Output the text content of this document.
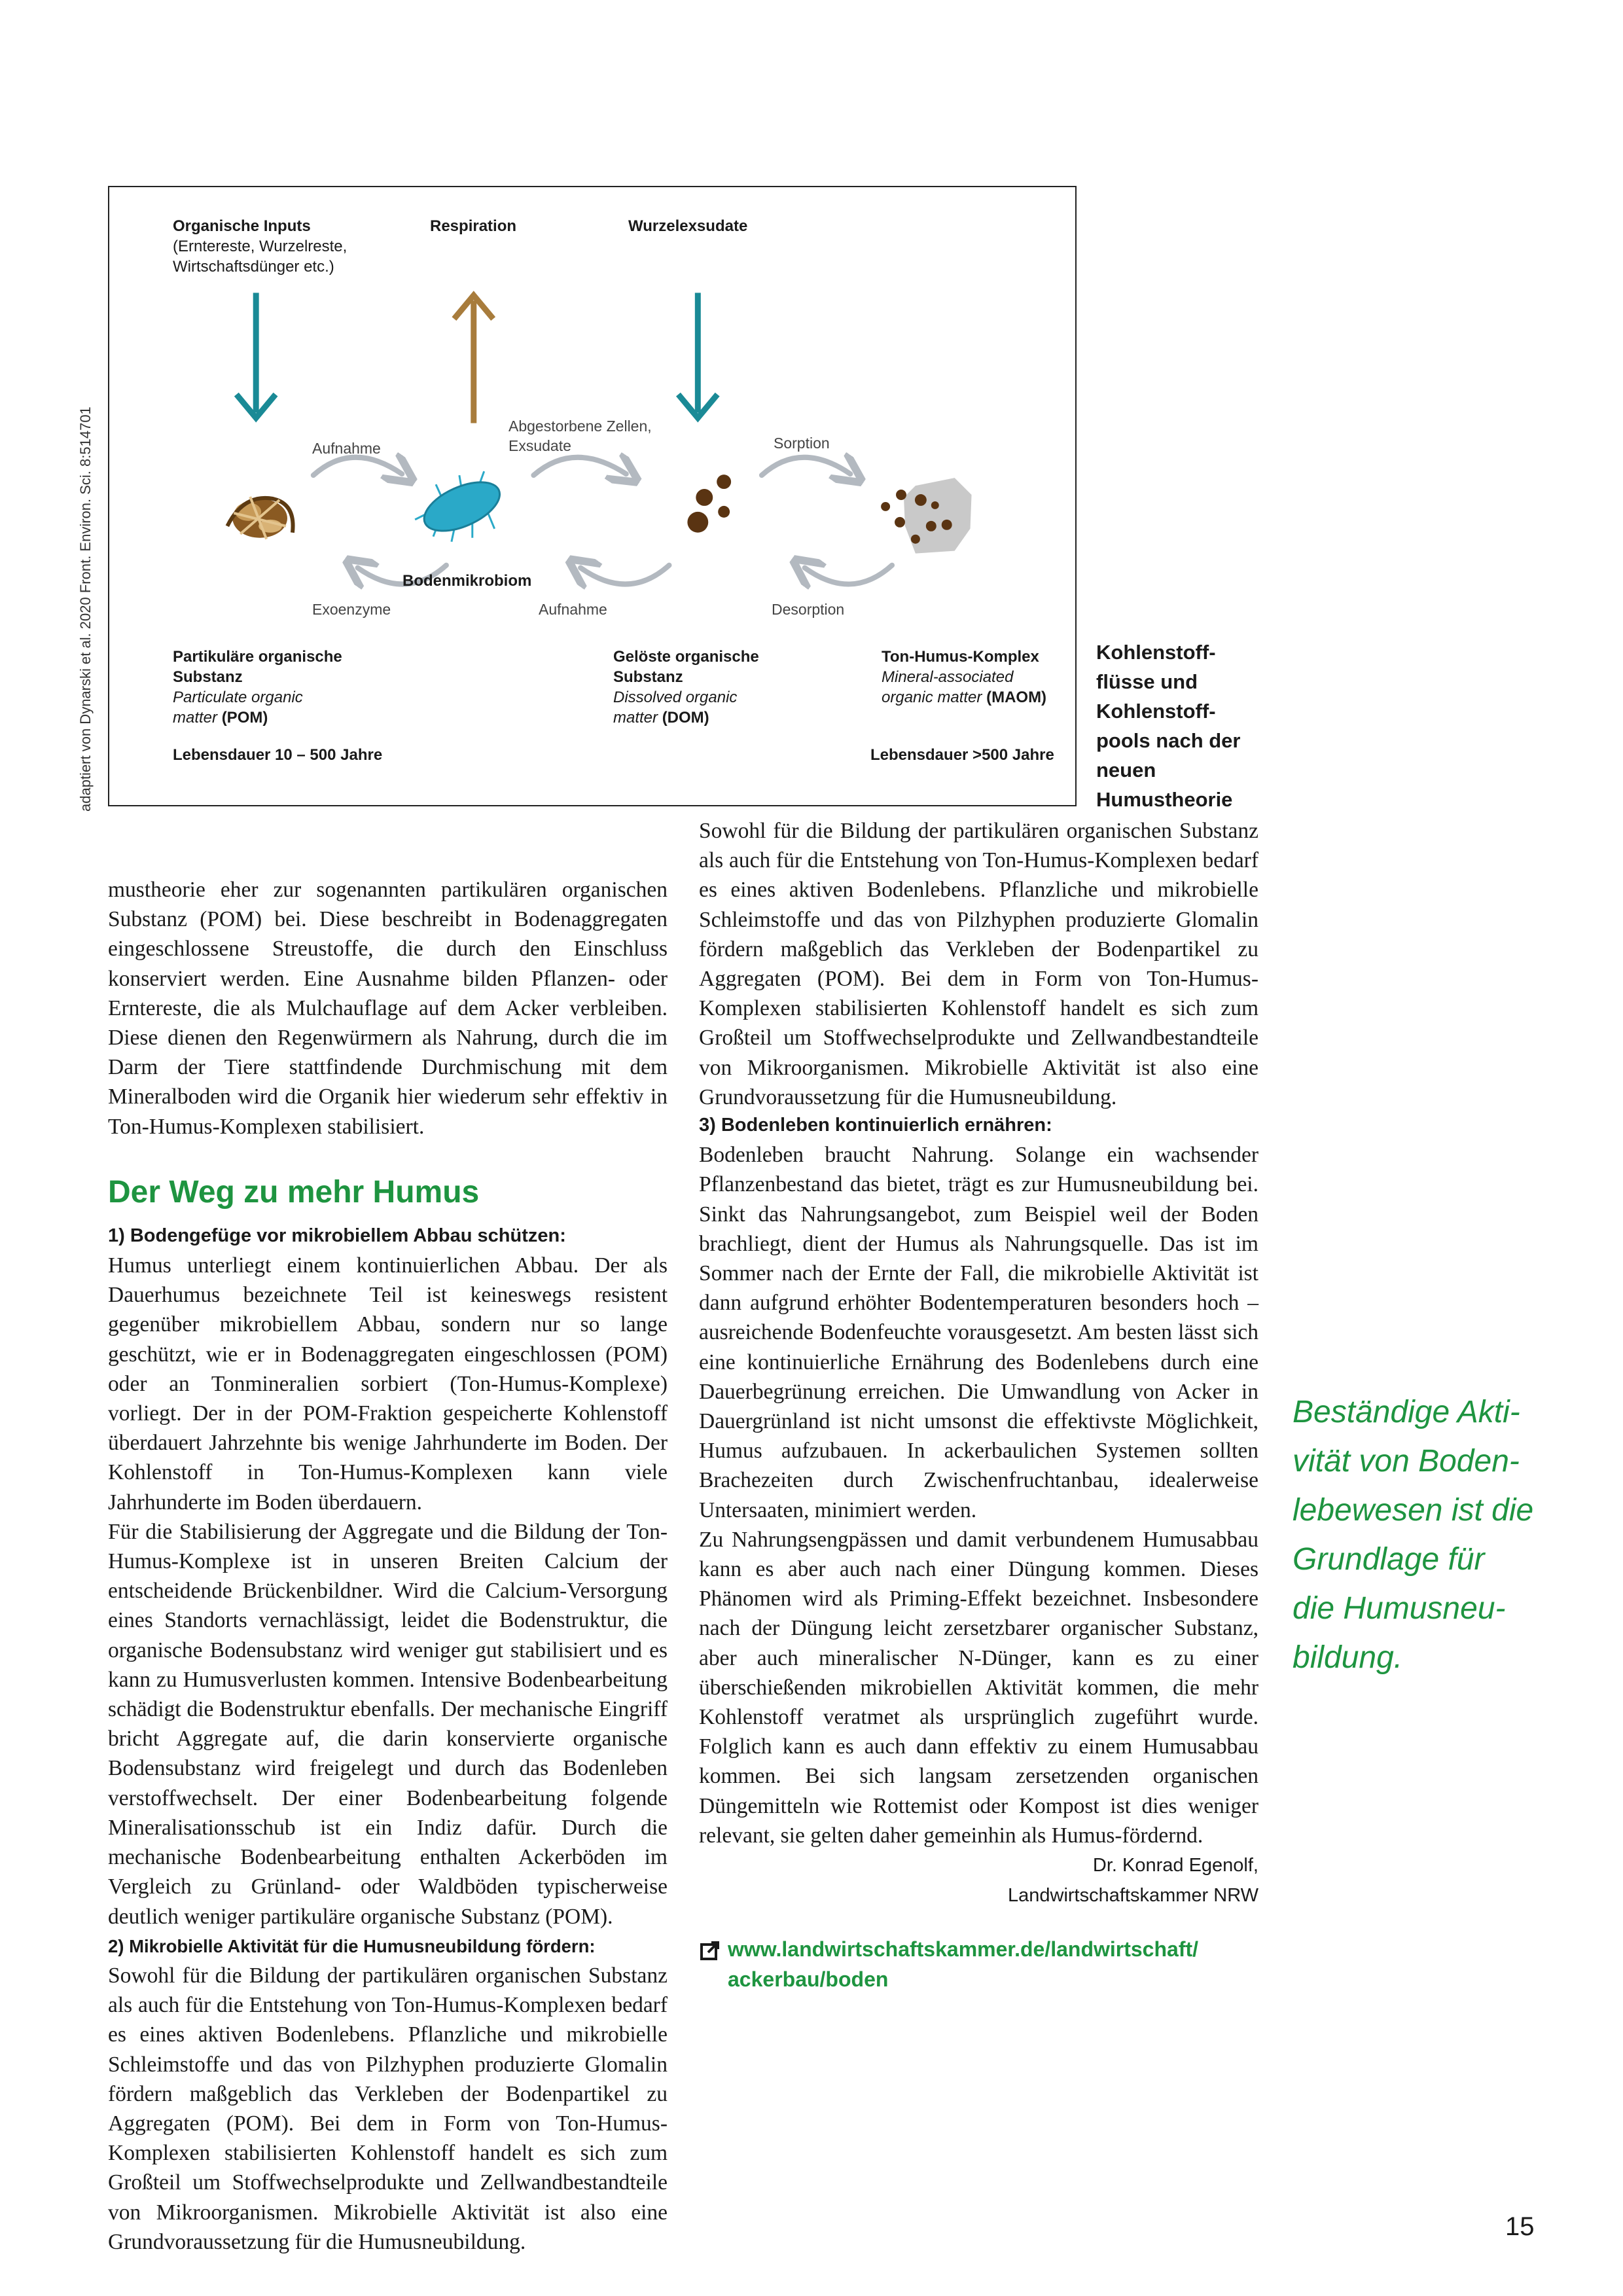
Organische Inputs
(Erntereste, Wurzelreste,
Wirtschaftsdünger etc.)
Respiration	Wurzelexsudate
Aufnahme
Abgestorbene Zellen,
Exsudate	Sorption
Bodenmikrobiom
Exoenzyme	Aufnahme	Desorption
Partikuläre organische
Substanz
Particulate organic
matter (POM)
Gelöste organische
Substanz
Dissolved organic
matter (DOM)
Ton-Humus-Komplex
Mineral-associated
organic matter (MAOM)
Lebensdauer 10 – 500 Jahre	Lebensdauer >500 Jahre
adaptiert von Dynarski et al. 2020 Front. Environ. Sci. 8:514701	Kohlenstoff-
flüsse und
Kohlenstoff-
pools nach der
neuen
Humustheorie

mustheorie eher zur sogenannten partikulären organischen Substanz (POM) bei. Diese beschreibt in Bodenaggregaten eingeschlossene Streustoffe, die durch den Einschluss konserviert werden. Eine Ausnahme bilden Pflanzen- oder Erntereste, die als Mulchauflage auf dem Acker verbleiben. Diese dienen den Regenwürmern als Nahrung, durch die im Darm der Tiere stattfindende Durchmischung mit dem Mineralboden wird die Organik hier wiederum sehr effektiv in Ton-Humus-Komplexen stabilisiert.

Der Weg zu mehr Humus
1) Bodengefüge vor mikrobiellem Abbau schützen:

Humus unterliegt einem kontinuierlichen Abbau. Der als Dauerhumus bezeichnete Teil ist keineswegs resistent gegenüber mikrobiellem Abbau, sondern nur so lange geschützt, wie er in Bodenaggregaten eingeschlossen (POM) oder an Tonmineralien sorbiert (Ton-Humus-Komplexe) vorliegt. Der in der POM-Fraktion gespeicherte Kohlenstoff überdauert Jahrzehnte bis wenige Jahrhunderte im Boden. Der Kohlenstoff in Ton-Humus-Komplexen kann viele Jahrhunderte im Boden überdauern.

Für die Stabilisierung der Aggregate und die Bildung der Ton-Humus-Komplexe ist in unseren Breiten Calcium der entscheidende Brückenbildner. Wird die Calcium-Versorgung eines Standorts vernachlässigt, leidet die Bodenstruktur, die organische Bodensubstanz wird weniger gut stabilisiert und es kann zu Humusverlusten kommen. Intensive Bodenbearbeitung schädigt die Bodenstruktur ebenfalls. Der mechanische Eingriff bricht Aggregate auf, die darin konservierte organische Bodensubstanz wird freigelegt und durch das Bodenleben verstoffwechselt. Der einer Bodenbearbeitung folgende Mineralisationsschub ist ein Indiz dafür. Durch die mechanische Bodenbearbeitung enthalten Ackerböden im Vergleich zu Grünland- oder Waldböden typischerweise deutlich weniger partikuläre organische Substanz (POM).

2) Mikrobielle Aktivität für die Humusneubildung fördern:

Sowohl für die Bildung der partikulären organischen Substanz als auch für die Entstehung von Ton-Humus-Komplexen bedarf es eines aktiven Bodenlebens. Pflanzliche und mikrobielle Schleimstoffe und das von Pilzhyphen produzierte Glomalin fördern maßgeblich das Verkleben der Bodenpartikel zu Aggregaten (POM). Bei dem in Form von Ton-Humus-Komplexen stabilisierten Kohlenstoff handelt es sich zum Großteil um Stoffwechselprodukte und Zellwandbestandteile von Mikroorganismen. Mikrobielle Aktivität ist also eine Grundvoraussetzung für die Humusneubildung.

Sowohl für die Bildung der partikulären organischen Substanz als auch für die Entstehung von Ton-Humus-Komplexen bedarf es eines aktiven Bodenlebens. Pflanzliche und mikrobielle Schleimstoffe und das von Pilzhyphen produzierte Glomalin fördern maßgeblich das Verkleben der Bodenpartikel zu Aggregaten (POM). Bei dem in Form von Ton-Humus-Komplexen stabilisierten Kohlenstoff handelt es sich zum Großteil um Stoffwechselprodukte und Zellwandbestandteile von Mikroorganismen. Mikrobielle Aktivität ist also eine Grundvoraussetzung für die Humusneubildung.

3) Bodenleben kontinuierlich ernähren:

Bodenleben braucht Nahrung. Solange ein wachsender Pflanzenbestand das bietet, trägt es zur Humusneubildung bei. Sinkt das Nahrungsangebot, zum Beispiel weil der Boden brachliegt, dient der Humus als Nahrungsquelle. Das ist im Sommer nach der Ernte der Fall, die mikrobielle Aktivität ist dann aufgrund erhöhter Bodentemperaturen besonders hoch – ausreichende Bodenfeuchte vorausgesetzt. Am besten lässt sich eine kontinuierliche Ernährung des Bodenlebens durch eine Dauerbegrünung erreichen. Die Umwandlung von Acker in Dauergrünland ist nicht umsonst die effektivste Möglichkeit, Humus aufzubauen. In ackerbaulichen Systemen sollten Brachezeiten durch Zwischenfruchtanbau, idealerweise Untersaaten, minimiert werden.

Zu Nahrungsengpässen und damit verbundenem Humusabbau kann es aber auch nach einer Düngung kommen. Dieses Phänomen wird als Priming-Effekt bezeichnet. Insbesondere nach der Düngung leicht zersetzbarer organischer Substanz, aber auch mineralischer N-Dünger, kann es zu einer überschießenden mikrobiellen Aktivität kommen, die mehr Kohlenstoff veratmet als ursprünglich zugeführt wurde. Folglich kann es auch dann effektiv zu einem Humusabbau kommen. Bei sich langsam zersetzenden organischen Düngemitteln wie Rottemist oder Kompost ist dies weniger relevant, sie gelten daher gemeinhin als Humus-fördernd.

Dr. Konrad Egenolf,
Landwirtschaftskammer NRW
www.landwirtschaftskammer.de/landwirtschaft/
ackerbau/boden
Beständige Akti-
vität von Boden-
lebewesen ist die
Grundlage für
die Humusneu-
bildung.
15
